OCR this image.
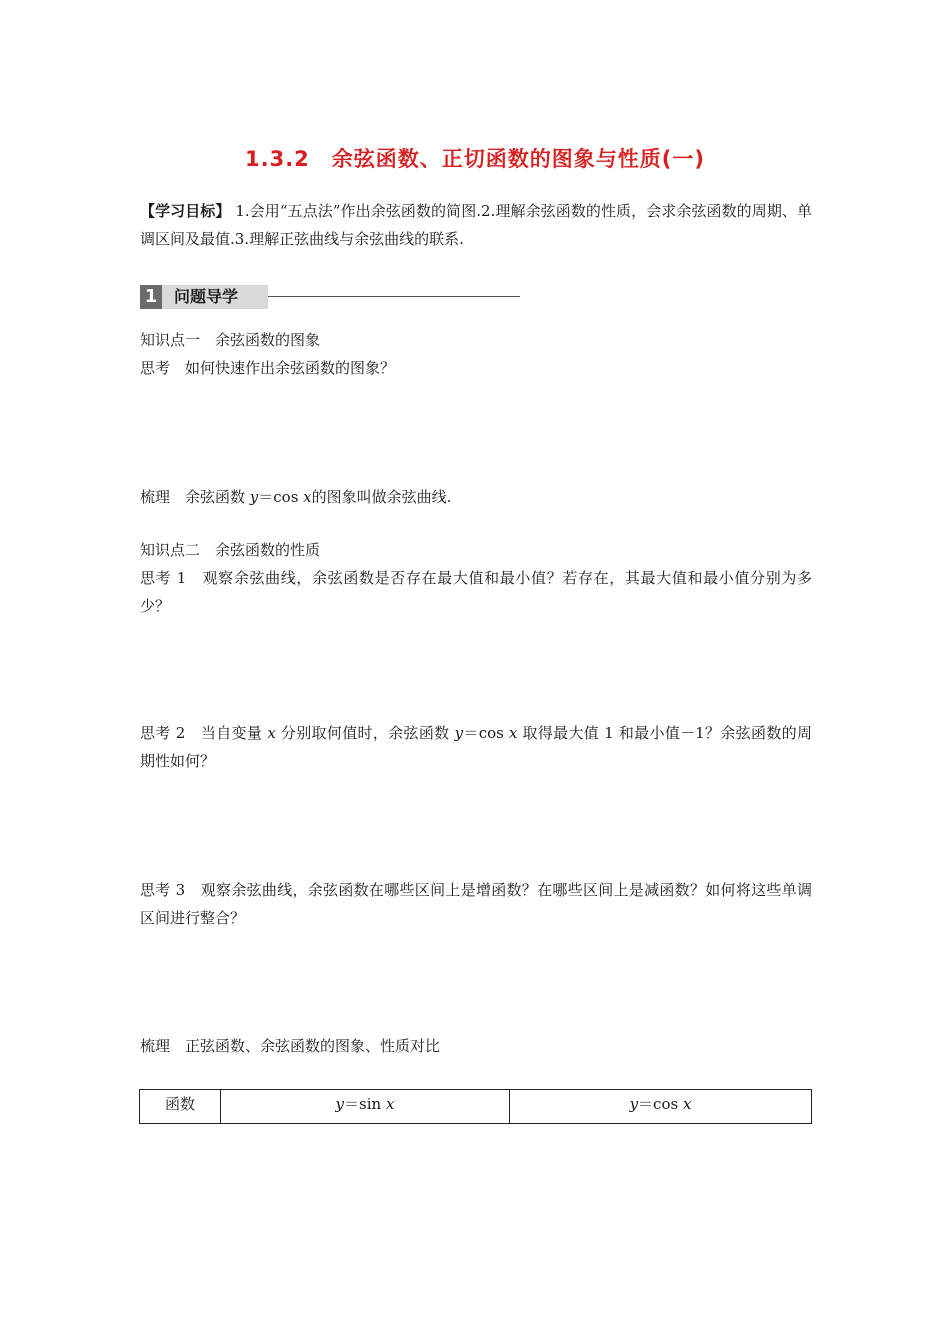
1.3.2　余弦函数、正切函数的图象与性质(一)
【学习目标】 1.会用“五点法”作出余弦函数的简图.2.理解余弦函数的性质，会求余弦函数的周期、单调区间及最值.3.理解正弦曲线与余弦曲线的联系.
1	问题导学
知识点一　余弦函数的图象
思考　如何快速作出余弦函数的图象？
梳理　余弦函数 y＝cos x的图象叫做余弦曲线.
知识点二　余弦函数的性质
思考 1　观察余弦曲线，余弦函数是否存在最大值和最小值？若存在，其最大值和最小值分别为多少？
思考 2　当自变量 x 分别取何值时，余弦函数 y＝cos x 取得最大值 1 和最小值－1？余弦函数的周期性如何？
思考 3　观察余弦曲线，余弦函数在哪些区间上是增函数？在哪些区间上是减函数？如何将这些单调区间进行整合？
梳理　正弦函数、余弦函数的图象、性质对比
函数	y＝sin x	y＝cos x
